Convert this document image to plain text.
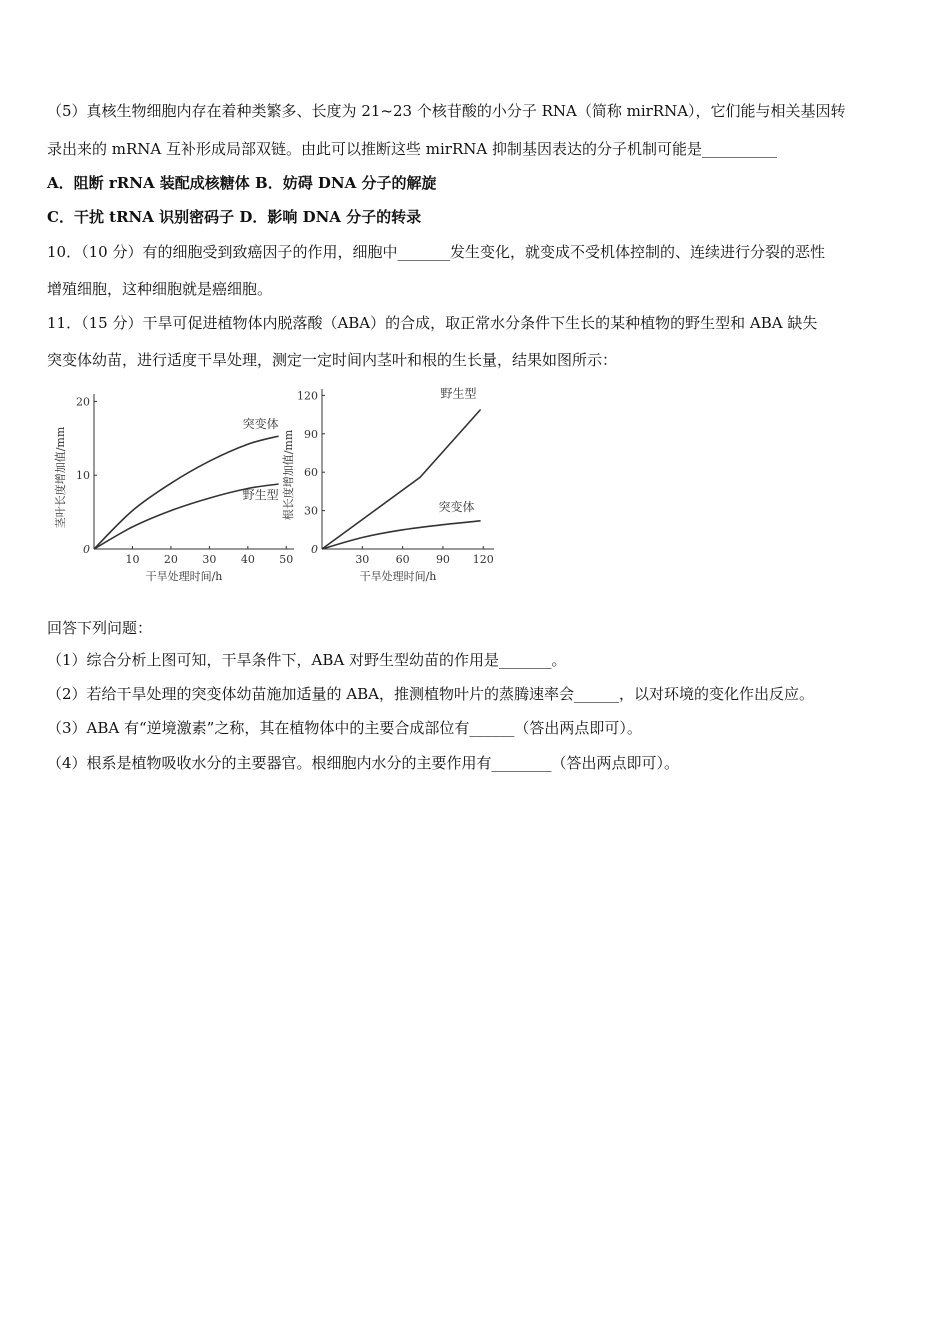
（5）真核生物细胞内存在着种类繁多、长度为 21~23 个核苷酸的小分子 RNA（简称 mirRNA），它们能与相关基因转
录出来的 mRNA 互补形成局部双链。由此可以推断这些 mirRNA 抑制基因表达的分子机制可能是__________
A．阻断 rRNA 装配成核糖体 B．妨碍 DNA 分子的解旋
C．干扰 tRNA 识别密码子 D．影响 DNA 分子的转录
10．（10 分）有的细胞受到致癌因子的作用，细胞中_______发生变化，就变成不受机体控制的、连续进行分裂的恶性
增殖细胞，这种细胞就是癌细胞。
11．（15 分）干旱可促进植物体内脱落酸（ABA）的合成，取正常水分条件下生长的某种植物的野生型和 ABA 缺失
突变体幼苗，进行适度干旱处理，测定一定时间内茎叶和根的生长量，结果如图所示：
0
10 20 30 40 50
10
20
干旱处理时间/h
茎叶长度增加值/mm
突变体
野生型
0
30 60 90 120
30
60
90
120
干旱处理时间/h
根长度增加值/mm
野生型
突变体
回答下列问题：
（1）综合分析上图可知，干旱条件下，ABA 对野生型幼苗的作用是_______。
（2）若给干旱处理的突变体幼苗施加适量的 ABA，推测植物叶片的蒸腾速率会______，以对环境的变化作出反应。
（3）ABA 有“逆境激素”之称，其在植物体中的主要合成部位有______（答出两点即可）。
（4）根系是植物吸收水分的主要器官。根细胞内水分的主要作用有________（答出两点即可）。
